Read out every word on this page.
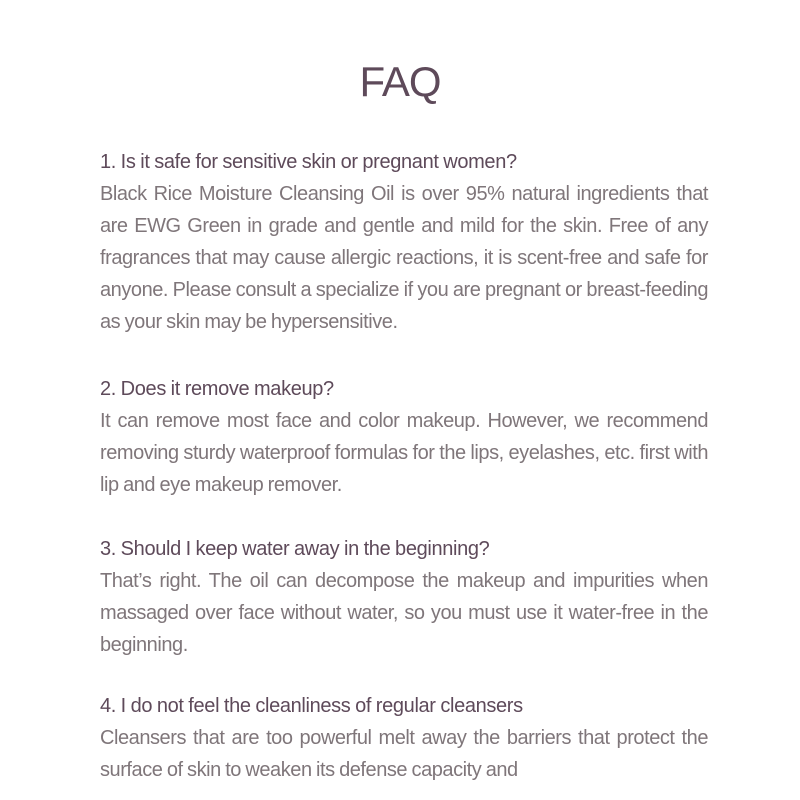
FAQ
1. Is it safe for sensitive skin or pregnant women?

Black Rice Moisture Cleansing Oil is over 95% natural ingredients that are EWG Green in grade and gentle and mild for the skin. Free of any fragrances that may cause allergic reactions, it is scent-free and safe for anyone. Please consult a specialize if you are pregnant or breast-feeding as your skin may be hypersensitive.

2. Does it remove makeup?

It can remove most face and color makeup. However, we recommend removing sturdy waterproof formulas for the lips, eyelashes, etc. first with lip and eye makeup remover.

3. Should I keep water away in the beginning?

That’s right. The oil can decompose the makeup and impurities when massaged over face without water, so you must use it water-free in the beginning.

4. I do not feel the cleanliness of regular cleansers

Cleansers that are too powerful melt away the barriers that protect the surface of skin to weaken its defense capacity and
